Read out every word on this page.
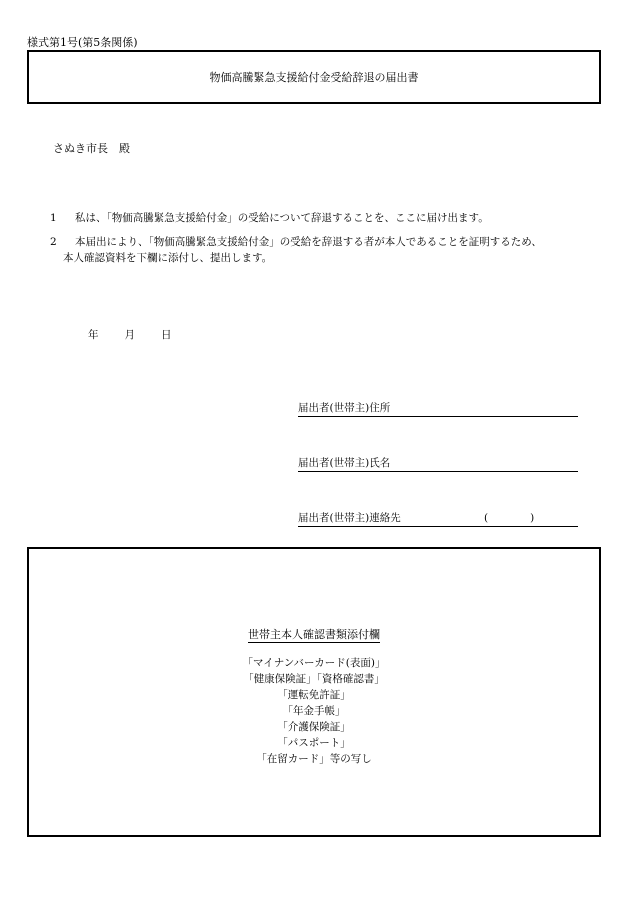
様式第1号(第5条関係)
物価高騰緊急支援給付金受給辞退の届出書
さぬき市長　殿
1 私は、「物価高騰緊急支援給付金」の受給について辞退することを、ここに届け出ます。
2 本届出により、「物価高騰緊急支援給付金」の受給を辞退する者が本人であることを証明するため、
本人確認資料を下欄に添付し、提出します。
年 月 日
届出者(世帯主)住所
届出者(世帯主)氏名
届出者(世帯主)連絡先	(　　　　)
世帯主本人確認書類添付欄
「マイナンバーカード(表面)」
「健康保険証」「資格確認書」
「運転免許証」
「年金手帳」
「介護保険証」
「パスポート」
「在留カード」等の写し
